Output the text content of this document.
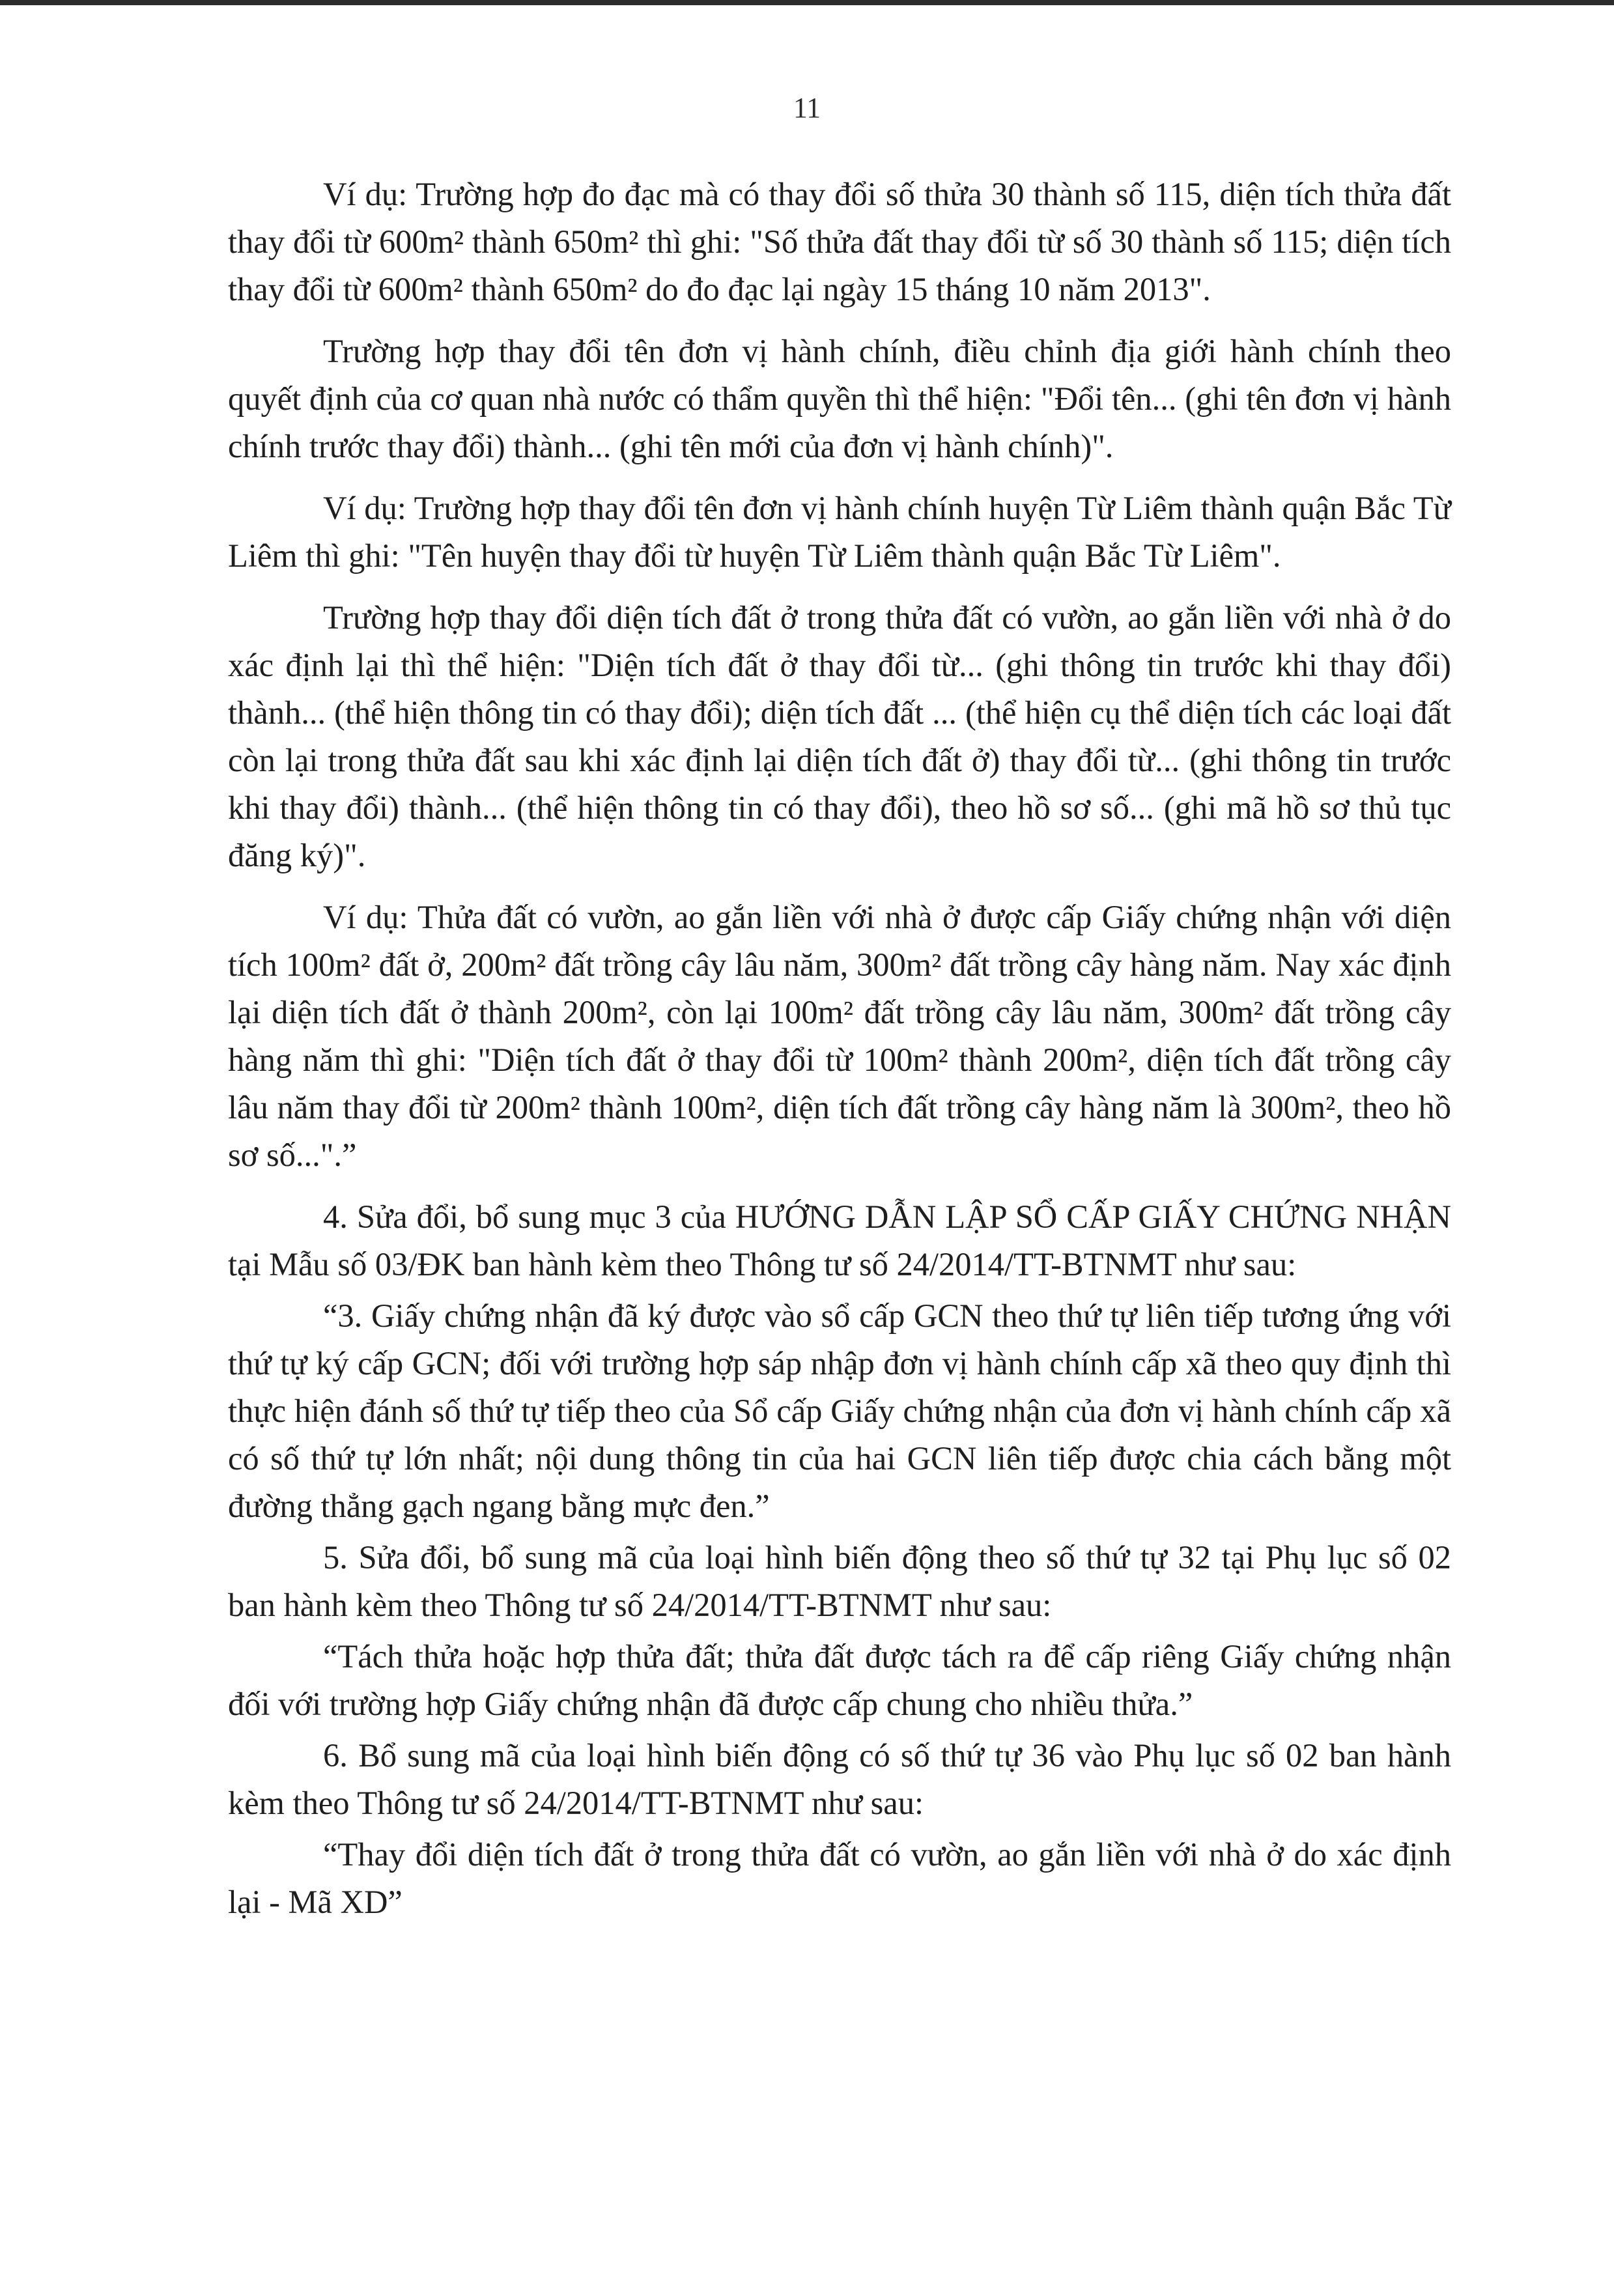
11

Ví dụ: Trường hợp đo đạc mà có thay đổi số thửa 30 thành số 115, diện tích thửa đất thay đổi từ 600m² thành 650m² thì ghi: "Số thửa đất thay đổi từ số 30 thành số 115; diện tích thay đổi từ 600m² thành 650m² do đo đạc lại ngày 15 tháng 10 năm 2013".

Trường hợp thay đổi tên đơn vị hành chính, điều chỉnh địa giới hành chính theo quyết định của cơ quan nhà nước có thẩm quyền thì thể hiện: "Đổi tên... (ghi tên đơn vị hành chính trước thay đổi) thành... (ghi tên mới của đơn vị hành chính)".

Ví dụ: Trường hợp thay đổi tên đơn vị hành chính huyện Từ Liêm thành quận Bắc Từ Liêm thì ghi: "Tên huyện thay đổi từ huyện Từ Liêm thành quận Bắc Từ Liêm".

Trường hợp thay đổi diện tích đất ở trong thửa đất có vườn, ao gắn liền với nhà ở do xác định lại thì thể hiện: "Diện tích đất ở thay đổi từ... (ghi thông tin trước khi thay đổi) thành... (thể hiện thông tin có thay đổi); diện tích đất ... (thể hiện cụ thể diện tích các loại đất còn lại trong thửa đất sau khi xác định lại diện tích đất ở) thay đổi từ... (ghi thông tin trước khi thay đổi) thành... (thể hiện thông tin có thay đổi), theo hồ sơ số... (ghi mã hồ sơ thủ tục đăng ký)".

Ví dụ: Thửa đất có vườn, ao gắn liền với nhà ở được cấp Giấy chứng nhận với diện tích 100m² đất ở, 200m² đất trồng cây lâu năm, 300m² đất trồng cây hàng năm. Nay xác định lại diện tích đất ở thành 200m², còn lại 100m² đất trồng cây lâu năm, 300m² đất trồng cây hàng năm thì ghi: "Diện tích đất ở thay đổi từ 100m² thành 200m², diện tích đất trồng cây lâu năm thay đổi từ 200m² thành 100m², diện tích đất trồng cây hàng năm là 300m², theo hồ sơ số...".”

4. Sửa đổi, bổ sung mục 3 của HƯỚNG DẪN LẬP SỔ CẤP GIẤY CHỨNG NHẬN tại Mẫu số 03/ĐK ban hành kèm theo Thông tư số 24/2014/TT-BTNMT như sau:

“3. Giấy chứng nhận đã ký được vào sổ cấp GCN theo thứ tự liên tiếp tương ứng với thứ tự ký cấp GCN; đối với trường hợp sáp nhập đơn vị hành chính cấp xã theo quy định thì thực hiện đánh số thứ tự tiếp theo của Sổ cấp Giấy chứng nhận của đơn vị hành chính cấp xã có số thứ tự lớn nhất; nội dung thông tin của hai GCN liên tiếp được chia cách bằng một đường thẳng gạch ngang bằng mực đen.”

5. Sửa đổi, bổ sung mã của loại hình biến động theo số thứ tự 32 tại Phụ lục số 02 ban hành kèm theo Thông tư số 24/2014/TT-BTNMT như sau:

“Tách thửa hoặc hợp thửa đất; thửa đất được tách ra để cấp riêng Giấy chứng nhận đối với trường hợp Giấy chứng nhận đã được cấp chung cho nhiều thửa.”

6. Bổ sung mã của loại hình biến động có số thứ tự 36 vào Phụ lục số 02 ban hành kèm theo Thông tư số 24/2014/TT-BTNMT như sau:

“Thay đổi diện tích đất ở trong thửa đất có vườn, ao gắn liền với nhà ở do xác định lại - Mã XD”
